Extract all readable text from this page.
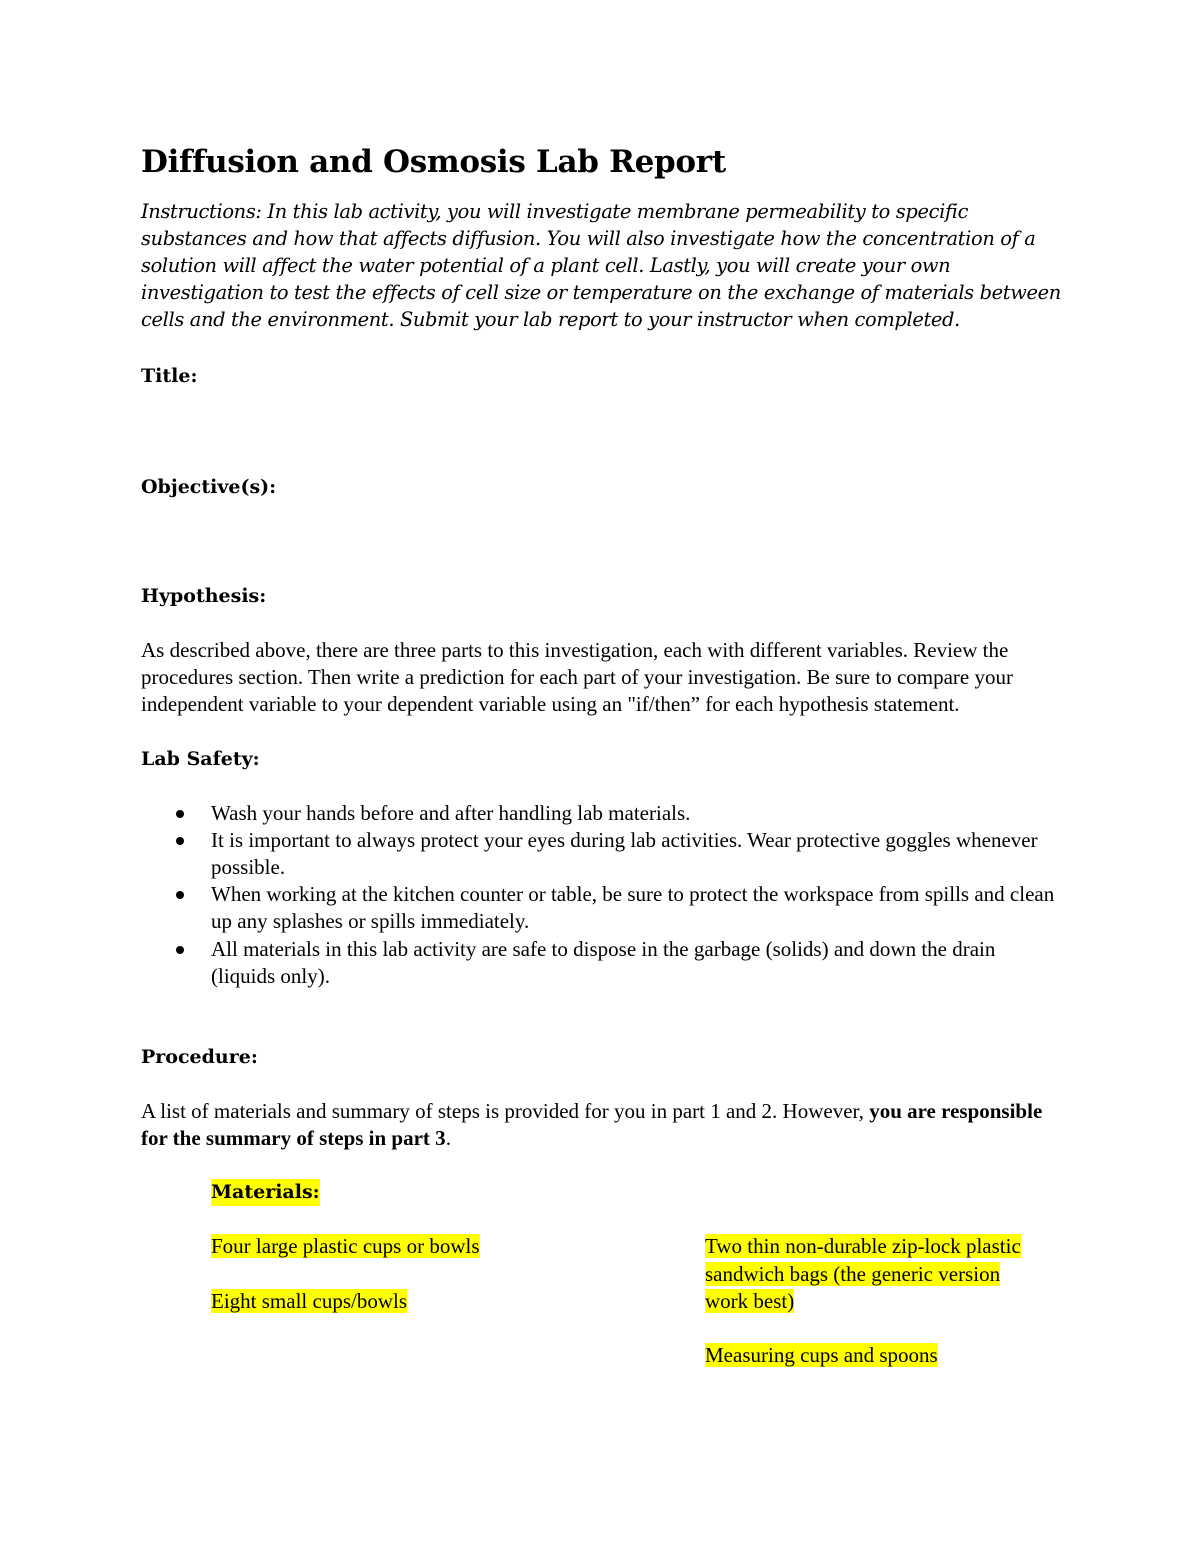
Diffusion and Osmosis Lab Report

Instructions: In this lab activity, you will investigate membrane permeability to specific substances and how that affects diffusion. You will also investigate how the concentration of a solution will affect the water potential of a plant cell. Lastly, you will create your own investigation to test the effects of cell size or temperature on the exchange of materials between cells and the environment. Submit your lab report to your instructor when completed.

Title:

Objective(s):

Hypothesis:

As described above, there are three parts to this investigation, each with different variables. Review the procedures section. Then write a prediction for each part of your investigation. Be sure to compare your independent variable to your dependent variable using an "if/then” for each hypothesis statement.

Lab Safety:

Wash your hands before and after handling lab materials.
It is important to always protect your eyes during lab activities. Wear protective goggles whenever possible.
When working at the kitchen counter or table, be sure to protect the workspace from spills and clean up any splashes or spills immediately.
All materials in this lab activity are safe to dispose in the garbage (solids) and down the drain (liquids only).

Procedure:

A list of materials and summary of steps is provided for you in part 1 and 2. However, you are responsible for the summary of steps in part 3.

Materials:

Four large plastic cups or bowls

Eight small cups/bowls

Two thin non-durable zip-lock plastic sandwich bags (the generic version work best)

Measuring cups and spoons
